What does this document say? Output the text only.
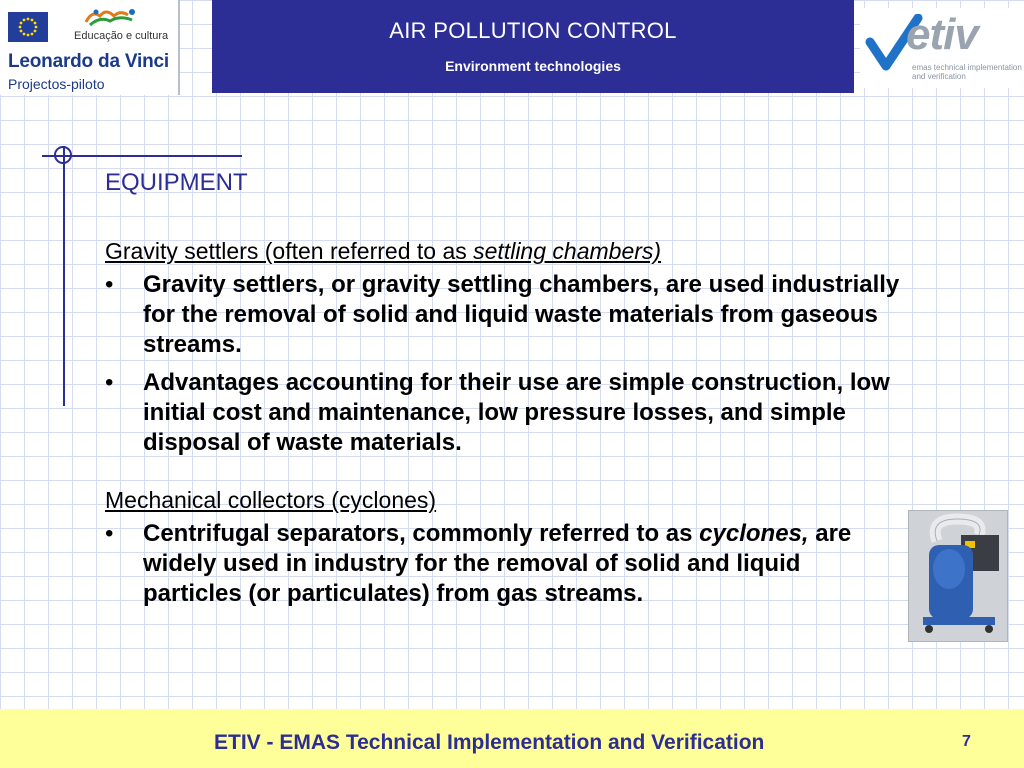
Educação e cultura
Leonardo da Vinci
Projectos-piloto
AIR POLLUTION CONTROL
Environment technologies
etiv
emas technical implementation
and verification

EQUIPMENT

Gravity settlers (often referred to as settling chambers)

• Gravity settlers, or gravity settling chambers, are used industrially for the removal of solid and liquid waste materials from gaseous streams.
• Advantages accounting for their use are simple construction, low initial cost and maintenance, low pressure losses, and simple disposal of waste materials.

Mechanical collectors (cyclones)

• Centrifugal separators, commonly referred to as cyclones, are widely used in industry for the removal of solid and liquid particles (or particulates) from gas streams.
ETIV - EMAS Technical Implementation and Verification	7
